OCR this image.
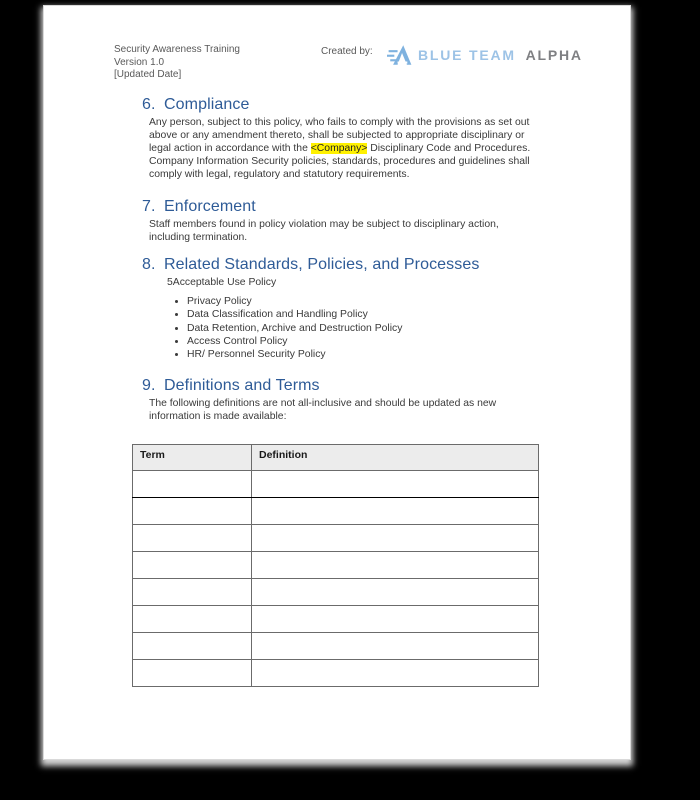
Security Awareness Training
Version 1.0
[Updated Date]
Created by:	BLUE TEAM ALPHA
6. Compliance

Any person, subject to this policy, who fails to comply with the provisions as set out above or any amendment thereto, shall be subjected to appropriate disciplinary or legal action in accordance with the <Company> Disciplinary Code and Procedures. Company Information Security policies, standards, procedures and guidelines shall comply with legal, regulatory and statutory requirements.

7. Enforcement

Staff members found in policy violation may be subject to disciplinary action, including termination.

8. Related Standards, Policies, and Processes
5Acceptable Use Policy
• Privacy Policy
• Data Classification and Handling Policy
• Data Retention, Archive and Destruction Policy
• Access Control Policy
• HR/ Personnel Security Policy
9. Definitions and Terms

The following definitions are not all-inclusive and should be updated as new information is made available:

Term	Definition
